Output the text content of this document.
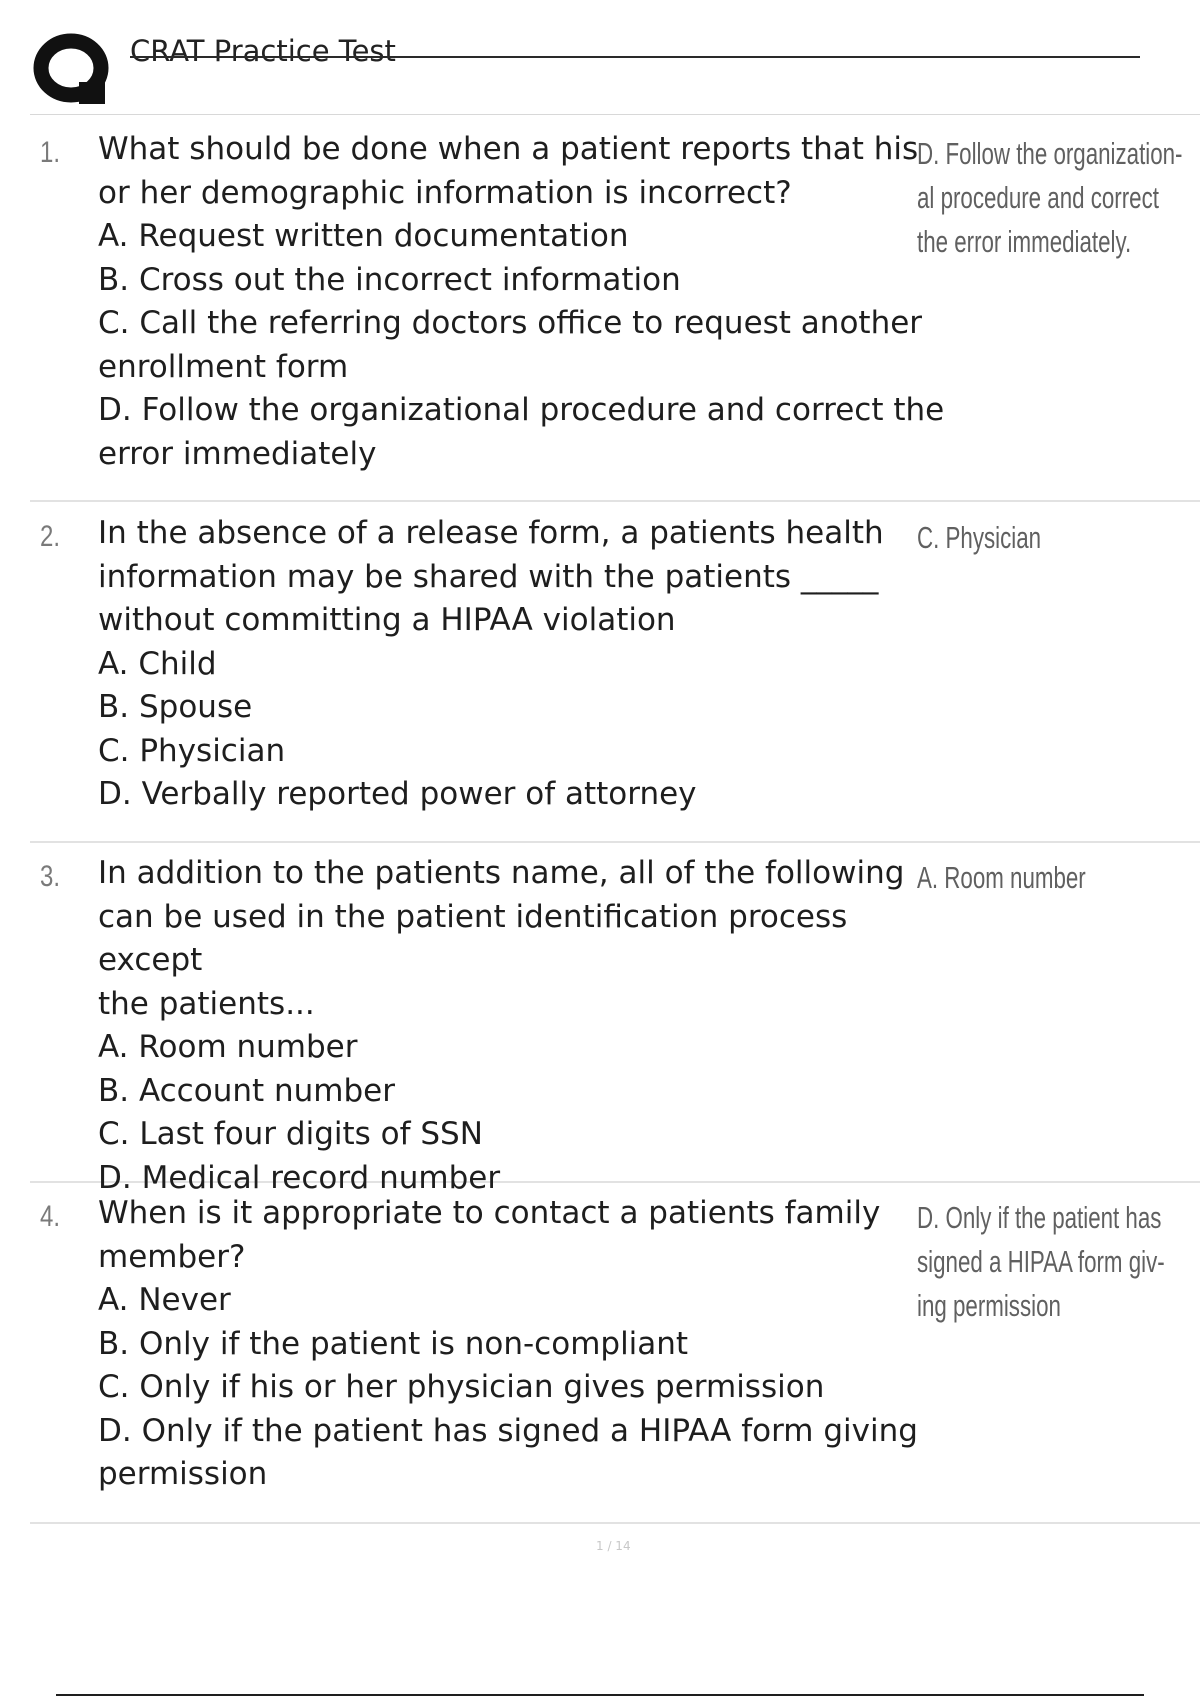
CRAT Practice Test
1. What should be done when a patient reports that his
or her demographic information is incorrect?
A. Request written documentation
B. Cross out the incorrect information
C. Call the referring doctors office to request another
enrollment form
D. Follow the organizational procedure and correct the
error immediately
D. Follow the organization-
al procedure and correct
the error immediately.
2. In the absence of a release form, a patients health
information may be shared with the patients _____
without committing a HIPAA violation
A. Child
B. Spouse
C. Physician
D. Verbally reported power of attorney
C. Physician
3. In addition to the patients name, all of the following
can be used in the patient identification process except
the patients...
A. Room number
B. Account number
C. Last four digits of SSN
D. Medical record number
A. Room number
4. When is it appropriate to contact a patients family
member?
A. Never
B. Only if the patient is non-compliant
C. Only if his or her physician gives permission
D. Only if the patient has signed a HIPAA form giving
permission
D. Only if the patient has
signed a HIPAA form giv-
ing permission
1 / 14
